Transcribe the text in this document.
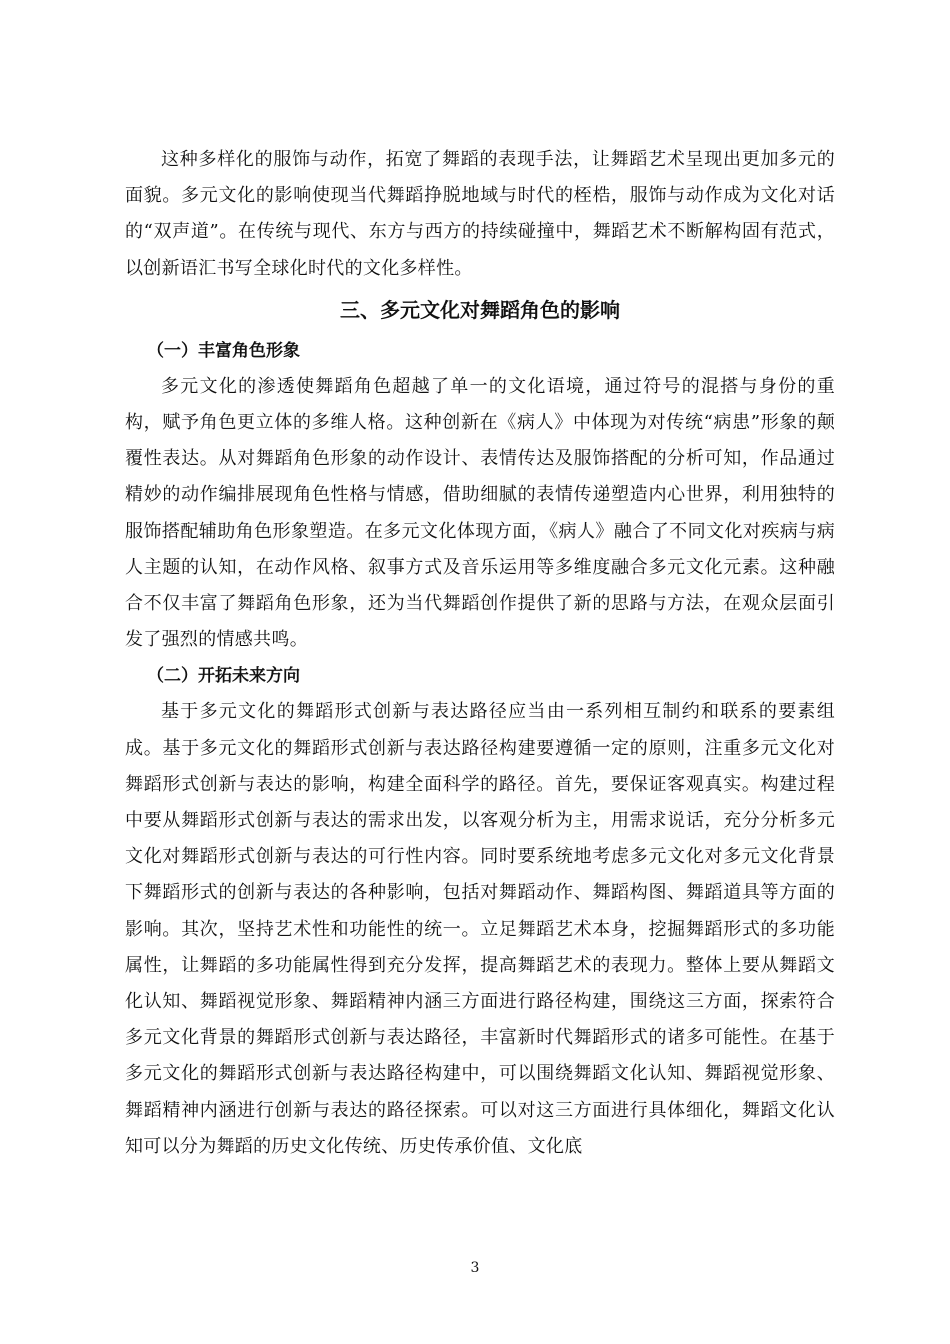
这种多样化的服饰与动作，拓宽了舞蹈的表现手法，让舞蹈艺术呈现出更加多元的面貌。多元文化的影响使现当代舞蹈挣脱地域与时代的桎梏，服饰与动作成为文化对话的“双声道”。在传统与现代、东方与西方的持续碰撞中，舞蹈艺术不断解构固有范式，以创新语汇书写全球化时代的文化多样性。

三、多元文化对舞蹈角色的影响
（一）丰富角色形象

多元文化的渗透使舞蹈角色超越了单一的文化语境，通过符号的混搭与身份的重构，赋予角色更立体的多维人格。这种创新在《病人》中体现为对传统“病患”形象的颠覆性表达。从对舞蹈角色形象的动作设计、表情传达及服饰搭配的分析可知，作品通过精妙的动作编排展现角色性格与情感，借助细腻的表情传递塑造内心世界，利用独特的服饰搭配辅助角色形象塑造。在多元文化体现方面，《病人》融合了不同文化对疾病与病人主题的认知，在动作风格、叙事方式及音乐运用等多维度融合多元文化元素。这种融合不仅丰富了舞蹈角色形象，还为当代舞蹈创作提供了新的思路与方法，在观众层面引发了强烈的情感共鸣。

（二）开拓未来方向

基于多元文化的舞蹈形式创新与表达路径应当由一系列相互制约和联系的要素组成。基于多元文化的舞蹈形式创新与表达路径构建要遵循一定的原则，注重多元文化对舞蹈形式创新与表达的影响，构建全面科学的路径。首先，要保证客观真实。构建过程中要从舞蹈形式创新与表达的需求出发，以客观分析为主，用需求说话，充分分析多元文化对舞蹈形式创新与表达的可行性内容。同时要系统地考虑多元文化对多元文化背景下舞蹈形式的创新与表达的各种影响，包括对舞蹈动作、舞蹈构图、舞蹈道具等方面的影响。其次，坚持艺术性和功能性的统一。立足舞蹈艺术本身，挖掘舞蹈形式的多功能属性，让舞蹈的多功能属性得到充分发挥，提高舞蹈艺术的表现力。整体上要从舞蹈文化认知、舞蹈视觉形象、舞蹈精神内涵三方面进行路径构建，围绕这三方面，探索符合多元文化背景的舞蹈形式创新与表达路径，丰富新时代舞蹈形式的诸多可能性。在基于多元文化的舞蹈形式创新与表达路径构建中，可以围绕舞蹈文化认知、舞蹈视觉形象、舞蹈精神内涵进行创新与表达的路径探索。可以对这三方面进行具体细化，舞蹈文化认知可以分为舞蹈的历史文化传统、历史传承价值、文化底

3
